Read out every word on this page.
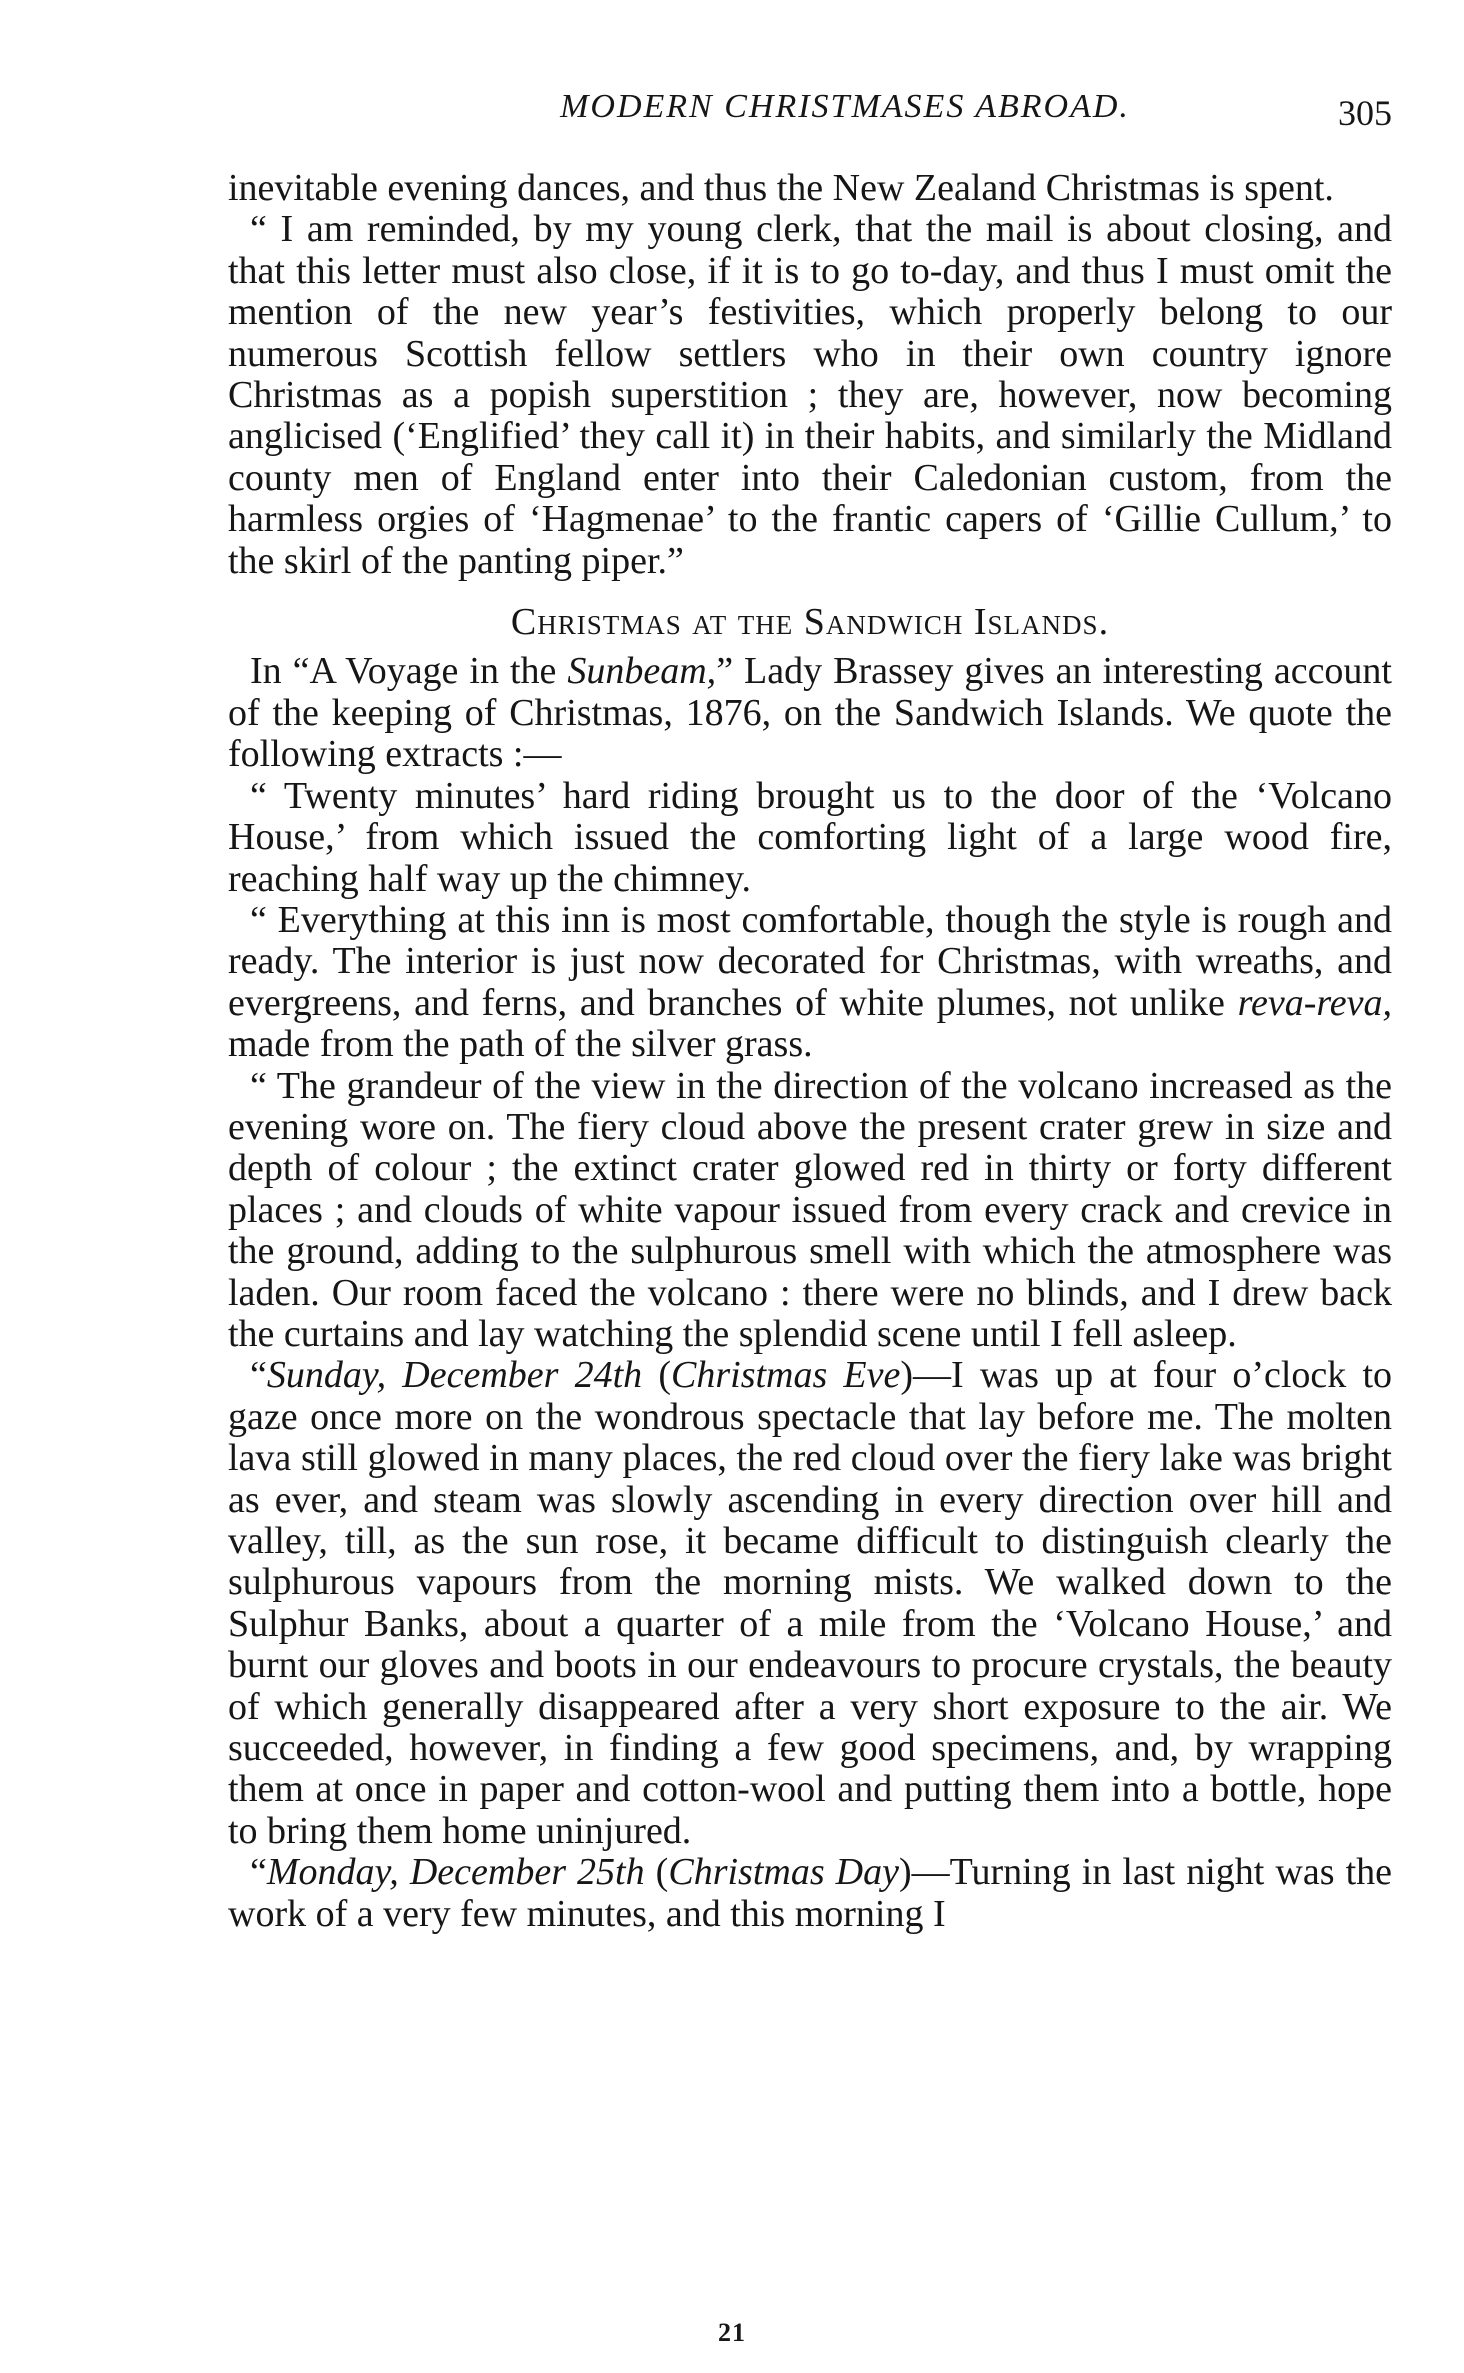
MODERN CHRISTMASES ABROAD.	305

inevitable evening dances, and thus the New Zealand Christmas is spent.

“ I am reminded, by my young clerk, that the mail is about closing, and that this letter must also close, if it is to go to-day, and thus I must omit the mention of the new year’s festivities, which properly belong to our numerous Scottish fellow settlers who in their own country ignore Christmas as a popish superstition ; they are, however, now becoming anglicised (‘Englified’ they call it) in their habits, and similarly the Midland county men of England enter into their Caledonian custom, from the harmless orgies of ‘Hagmenae’ to the frantic capers of ‘Gillie Cullum,’ to the skirl of the panting piper.”

Christmas at the Sandwich Islands.

In “A Voyage in the Sunbeam,” Lady Brassey gives an interesting account of the keeping of Christmas, 1876, on the Sandwich Islands. We quote the following extracts :—

“ Twenty minutes’ hard riding brought us to the door of the ‘Volcano House,’ from which issued the comforting light of a large wood fire, reaching half way up the chimney.

“ Everything at this inn is most comfortable, though the style is rough and ready. The interior is just now decorated for Christmas, with wreaths, and evergreens, and ferns, and branches of white plumes, not unlike reva-reva, made from the path of the silver grass.

“ The grandeur of the view in the direction of the volcano increased as the evening wore on. The fiery cloud above the present crater grew in size and depth of colour ; the extinct crater glowed red in thirty or forty different places ; and clouds of white vapour issued from every crack and crevice in the ground, adding to the sulphurous smell with which the atmosphere was laden. Our room faced the volcano : there were no blinds, and I drew back the curtains and lay watching the splendid scene until I fell asleep.

“Sunday, December 24th (Christmas Eve)—I was up at four o’clock to gaze once more on the wondrous spectacle that lay before me. The molten lava still glowed in many places, the red cloud over the fiery lake was bright as ever, and steam was slowly ascending in every direction over hill and valley, till, as the sun rose, it became difficult to distinguish clearly the sulphurous vapours from the morning mists. We walked down to the Sulphur Banks, about a quarter of a mile from the ‘Volcano House,’ and burnt our gloves and boots in our endeavours to procure crystals, the beauty of which generally disappeared after a very short exposure to the air. We succeeded, however, in finding a few good specimens, and, by wrapping them at once in paper and cotton-wool and putting them into a bottle, hope to bring them home uninjured.

“Monday, December 25th (Christmas Day)—Turning in last night was the work of a very few minutes, and this morning I

21
